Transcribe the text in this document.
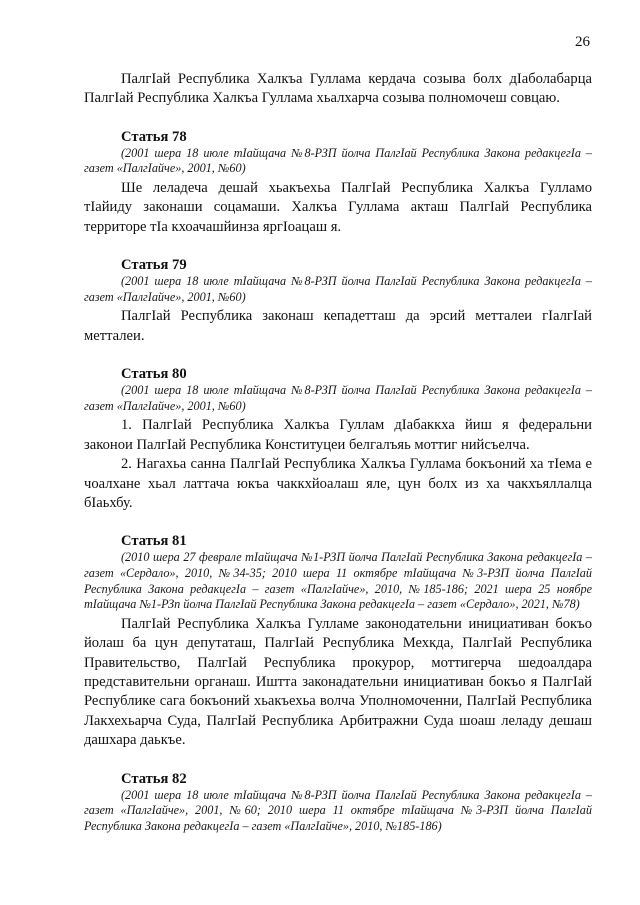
26

ПалгӀай Республика Халкъа Гуллама кердача созыва болх дӀаболабарца ПалгӀай Республика Халкъа Гуллама хьалхарча созыва полномочеш совцаю.

Статья 78
(2001 шера 18 июле тӀайщача №8-РЗП йолча ПалгӀай Республика Закона редакцегӀа – газет «ПалгӀайче», 2001, №60)

Ше леладеча дешай хьакъехьа ПалгӀай Республика Халкъа Гулламо тӀайиду законаши соцамаши. Халкъа Гуллама акташ ПалгӀай Республика территоре тӀа кхоачашйинза яргӀоацаш я.

Статья 79
(2001 шера 18 июле тӀайщача №8-РЗП йолча ПалгӀай Республика Закона редакцегӀа – газет «ПалгӀайче», 2001, №60)

ПалгӀай Республика законаш кепадетташ да эрсий метталеи гӀалгӀай метталеи.

Статья 80
(2001 шера 18 июле тӀайщача №8-РЗП йолча ПалгӀай Республика Закона редакцегӀа – газет «ПалгӀайче», 2001, №60)

1. ПалгӀай Республика Халкъа Гуллам дӀабаккха йиш я федеральни законои ПалгӀай Республика Конституцеи белгалъяь моттиг нийсъелча.

2. Нагахьа санна ПалгӀай Республика Халкъа Гуллама бокъоний ха тӀема е чоалхане хьал латтача юкъа чаккхйоалаш яле, цун болх из ха чакхъяллалца бӀаьхбу.

Статья 81
(2010 шера 27 феврале тӀайщача №1-РЗП йолча ПалгӀай Республика Закона редакцегӀа – газет «Сердало», 2010, №34-35; 2010 шера 11 октябре тӀайщача №3-РЗП йолча ПалгӀай Республика Закона редакцегӀа – газет «ПалгӀайче», 2010, №185-186; 2021 шера 25 ноябре тӀайщача №1-РЗп йолча ПалгӀай Республика Закона редакцегӀа – газет «Сердало», 2021, №78)

ПалгӀай Республика Халкъа Гулламе законодательни инициативан бокъо йолаш ба цун депутаташ, ПалгӀай Республика Мехкда, ПалгӀай Республика Правительство, ПалгӀай Республика прокурор, моттигерча шедоалдара представительни органаш. Иштта законадательни инициативан бокъо я ПалгӀай Республике сага бокъоний хьакъехьа волча Уполномоченни, ПалгӀай Республика Лакхехьарча Суда, ПалгӀай Республика Арбитражни Суда шоаш леладу дешаш дашхара даькъе.

Статья 82
(2001 шера 18 июле тӀайщача №8-РЗП йолча ПалгӀай Республика Закона редакцегӀа – газет «ПалгӀайче», 2001, №60; 2010 шера 11 октябре тӀайщача №3-РЗП йолча ПалгӀай Республика Закона редакцегӀа – газет «ПалгӀайче», 2010, №185-186)
